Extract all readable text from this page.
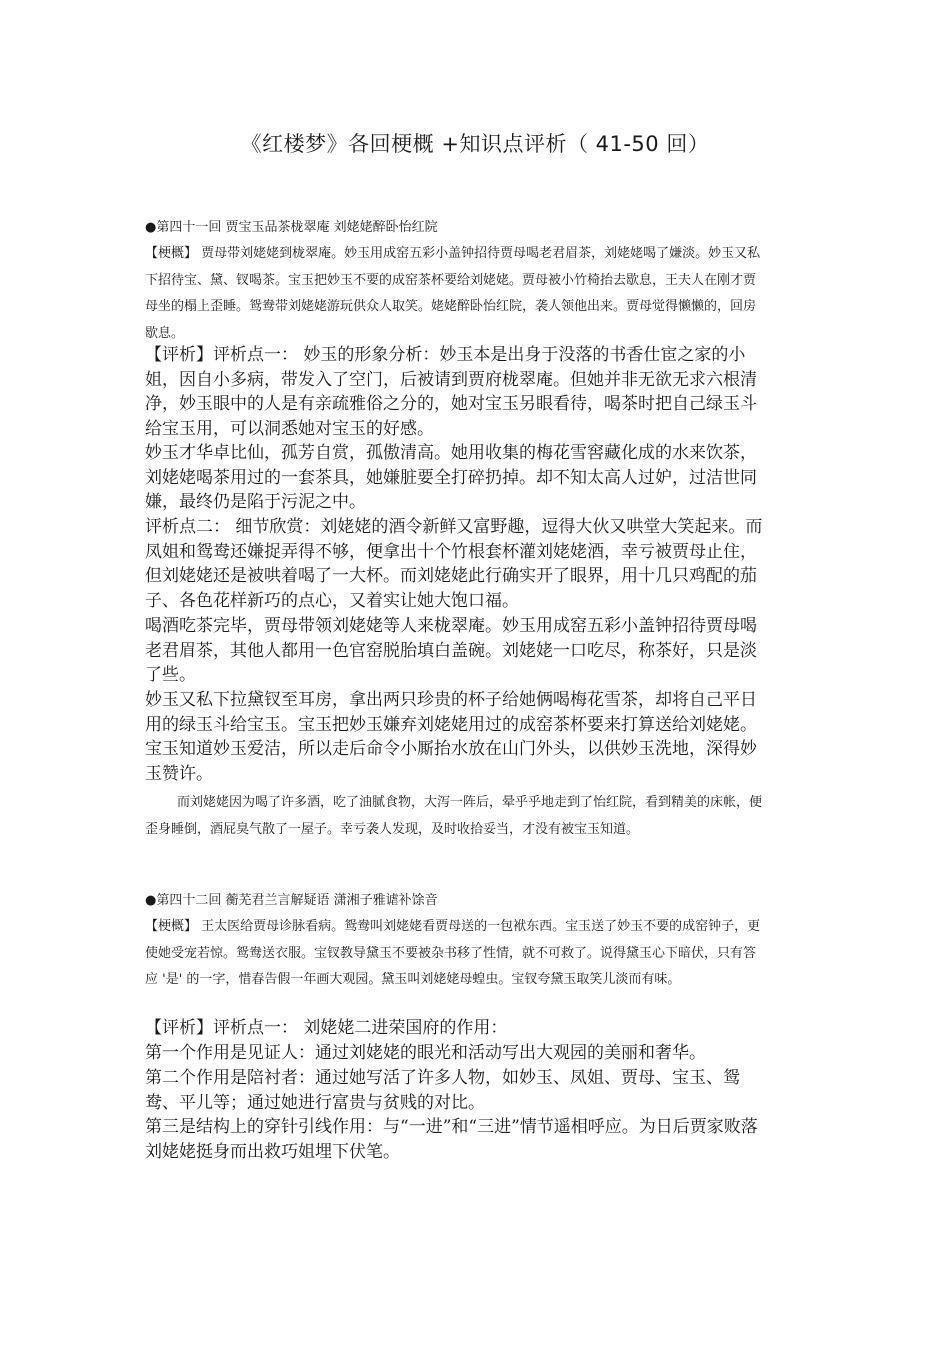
《红楼梦》各回梗概 +知识点评析（ 41-50 回）
●第四十一回 贾宝玉品茶栊翠庵 刘姥姥醉卧怡红院

【梗概】 贾母带刘姥姥到栊翠庵。妙玉用成窑五彩小盖钟招待贾母喝老君眉茶，刘姥姥喝了嫌淡。妙玉又私下招待宝、黛、钗喝茶。宝玉把妙玉不要的成窑茶杯要给刘姥姥。贾母被小竹椅抬去歇息，王夫人在刚才贾母坐的榻上歪睡。鸳鸯带刘姥姥游玩供众人取笑。姥姥醉卧怡红院，袭人领他出来。贾母觉得懒懒的，回房歇息。

【评析】评析点一： 妙玉的形象分析：妙玉本是出身于没落的书香仕宦之家的小姐，因自小多病，带发入了空门，后被请到贾府栊翠庵。但她并非无欲无求六根清净，妙玉眼中的人是有亲疏雅俗之分的，她对宝玉另眼看待，喝茶时把自己绿玉斗给宝玉用，可以洞悉她对宝玉的好感。

妙玉才华卓比仙，孤芳自赏，孤傲清高。她用收集的梅花雪窖藏化成的水来饮茶，刘姥姥喝茶用过的一套茶具，她嫌脏要全打碎扔掉。却不知太高人过妒，过洁世同嫌，最终仍是陷于污泥之中。

评析点二： 细节欣赏：刘姥姥的酒令新鲜又富野趣，逗得大伙又哄堂大笑起来。而凤姐和鸳鸯还嫌捉弄得不够，便拿出十个竹根套杯灌刘姥姥酒，幸亏被贾母止住，但刘姥姥还是被哄着喝了一大杯。而刘姥姥此行确实开了眼界，用十几只鸡配的茄子、各色花样新巧的点心，又着实让她大饱口福。

喝酒吃茶完毕，贾母带领刘姥姥等人来栊翠庵。妙玉用成窑五彩小盖钟招待贾母喝老君眉茶，其他人都用一色官窑脱胎填白盖碗。刘姥姥一口吃尽，称茶好，只是淡了些。

妙玉又私下拉黛钗至耳房，拿出两只珍贵的杯子给她俩喝梅花雪茶，却将自己平日用的绿玉斗给宝玉。宝玉把妙玉嫌弃刘姥姥用过的成窑茶杯要来打算送给刘姥姥。宝玉知道妙玉爱洁，所以走后命令小厮抬水放在山门外头，以供妙玉洗地，深得妙玉赞许。

而刘姥姥因为喝了许多酒，吃了油腻食物，大泻一阵后，晕乎乎地走到了怡红院，看到精美的床帐，便歪身睡倒，酒屁臭气散了一屋子。幸亏袭人发现，及时收拾妥当，才没有被宝玉知道。

●第四十二回 蘅芜君兰言解疑语 潇湘子雅谑补馀音

【梗概】 王太医给贾母诊脉看病。鸳鸯叫刘姥姥看贾母送的一包袱东西。宝玉送了妙玉不要的成窑钟子，更使她受宠若惊。鸳鸯送衣服。宝钗教导黛玉不要被杂书移了性情，就不可救了。说得黛玉心下暗伏，只有答应 '是' 的一字，惜春告假一年画大观园。黛玉叫刘姥姥母蝗虫。宝钗夸黛玉取笑儿淡而有味。

【评析】评析点一： 刘姥姥二进荣国府的作用：

第一个作用是见证人：通过刘姥姥的眼光和活动写出大观园的美丽和奢华。

第二个作用是陪衬者：通过她写活了许多人物，如妙玉、凤姐、贾母、宝玉、鸳鸯、平儿等；通过她进行富贵与贫贱的对比。

第三是结构上的穿针引线作用：与“一进”和“三进”情节遥相呼应。为日后贾家败落刘姥姥挺身而出救巧姐埋下伏笔。
